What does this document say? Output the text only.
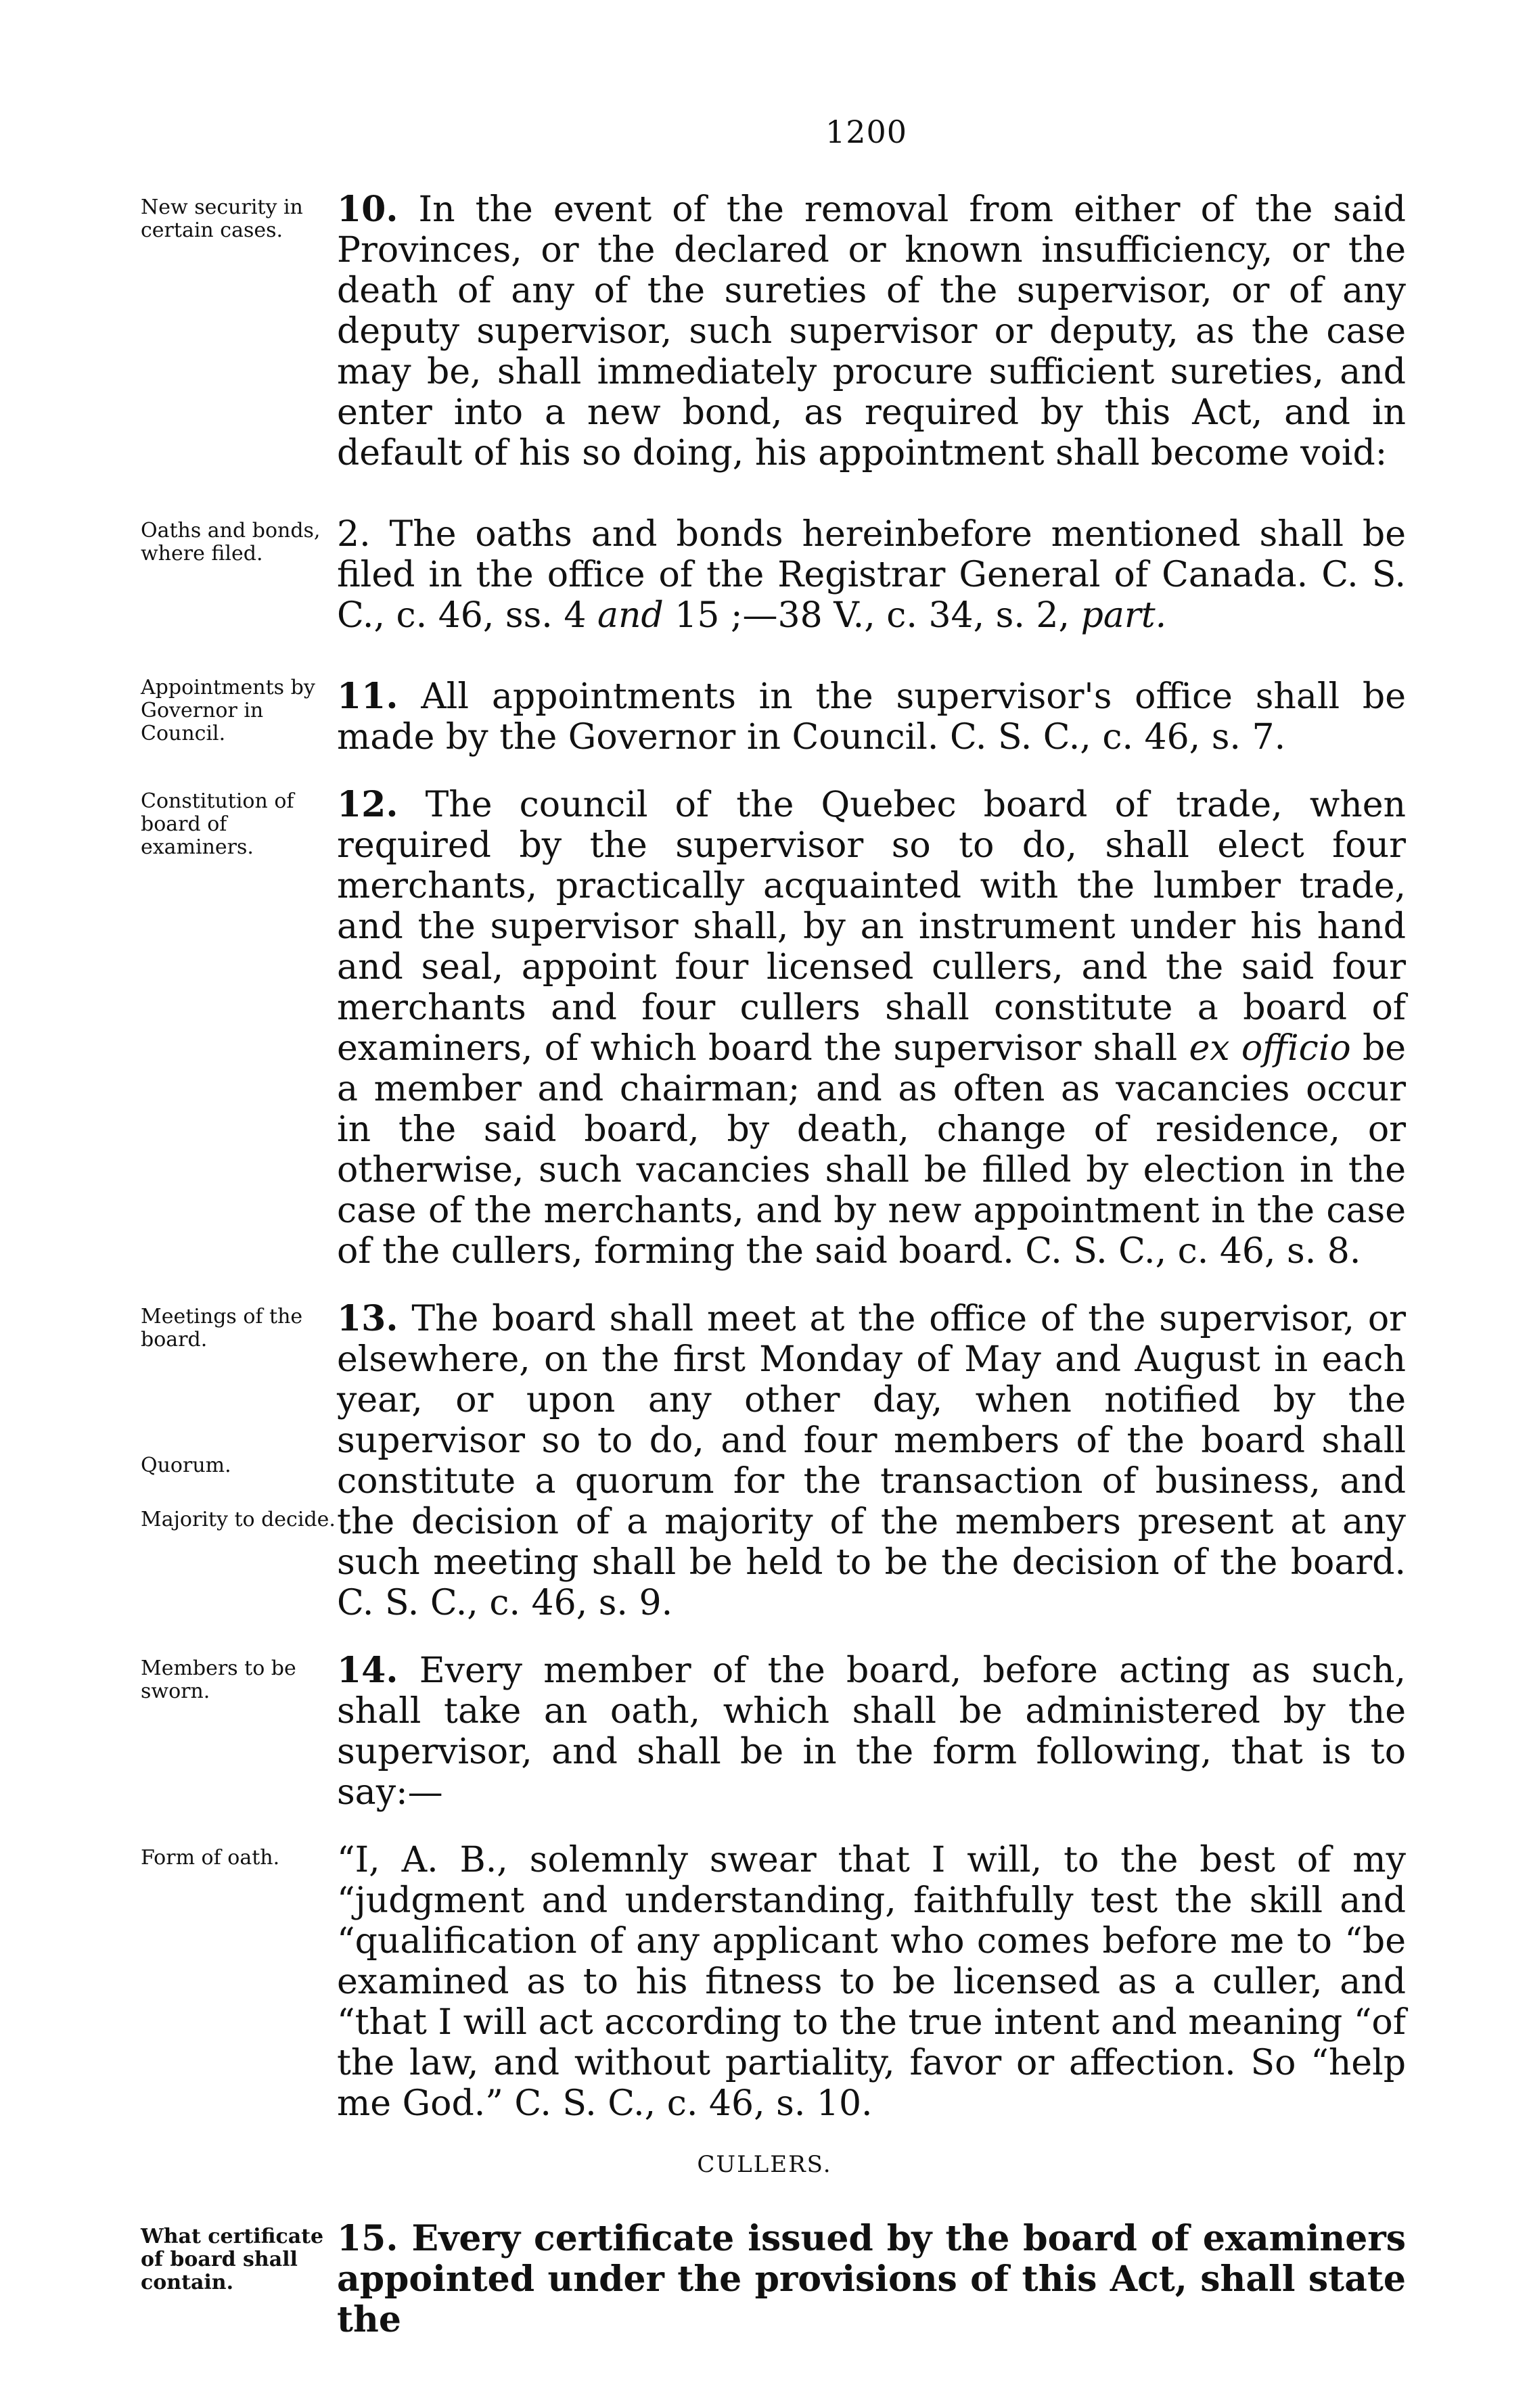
1200
New security in certain cases.
10. In the event of the removal from either of the said Provinces, or the declared or known insufficiency, or the death of any of the sureties of the supervisor, or of any deputy supervisor, such supervisor or deputy, as the case may be, shall immediately procure sufficient sureties, and enter into a new bond, as required by this Act, and in default of his so doing, his appointment shall become void:
Oaths and bonds, where filed.	2. The oaths and bonds hereinbefore mentioned shall be filed in the office of the Registrar General of Canada. C. S. C., c. 46, ss. 4 and 15 ;—38 V., c. 34, s. 2, part.
Appointments by Governor in Council.
11. All appointments in the supervisor's office shall be made by the Governor in Council. C. S. C., c. 46, s. 7.
Constitution of board of examiners.
12. The council of the Quebec board of trade, when required by the supervisor so to do, shall elect four merchants, practically acquainted with the lumber trade, and the supervisor shall, by an instrument under his hand and seal, appoint four licensed cullers, and the said four merchants and four cullers shall constitute a board of examiners, of which board the supervisor shall ex officio be a member and chairman; and as often as vacancies occur in the said board, by death, change of residence, or otherwise, such vacancies shall be filled by election in the case of the merchants, and by new appointment in the case of the cullers, forming the said board. C. S. C., c. 46, s. 8.
Meetings of the board.
Quorum.
Majority to decide.
13. The board shall meet at the office of the supervisor, or elsewhere, on the first Monday of May and August in each year, or upon any other day, when notified by the supervisor so to do, and four members of the board shall constitute a quorum for the transaction of business, and the decision of a majority of the members present at any such meeting shall be held to be the decision of the board. C. S. C., c. 46, s. 9.
Members to be sworn.
14. Every member of the board, before acting as such, shall take an oath, which shall be administered by the supervisor, and shall be in the form following, that is to say:—
Form of oath.	“I, A. B., solemnly swear that I will, to the best of my “judgment and understanding, faithfully test the skill and “qualification of any applicant who comes before me to “be examined as to his fitness to be licensed as a culler, and “that I will act according to the true intent and meaning “of the law, and without partiality, favor or affection. So “help me God.” C. S. C., c. 46, s. 10.
CULLERS.
What certificate of board shall contain.
15. Every certificate issued by the board of examiners appointed under the provisions of this Act, shall state the
